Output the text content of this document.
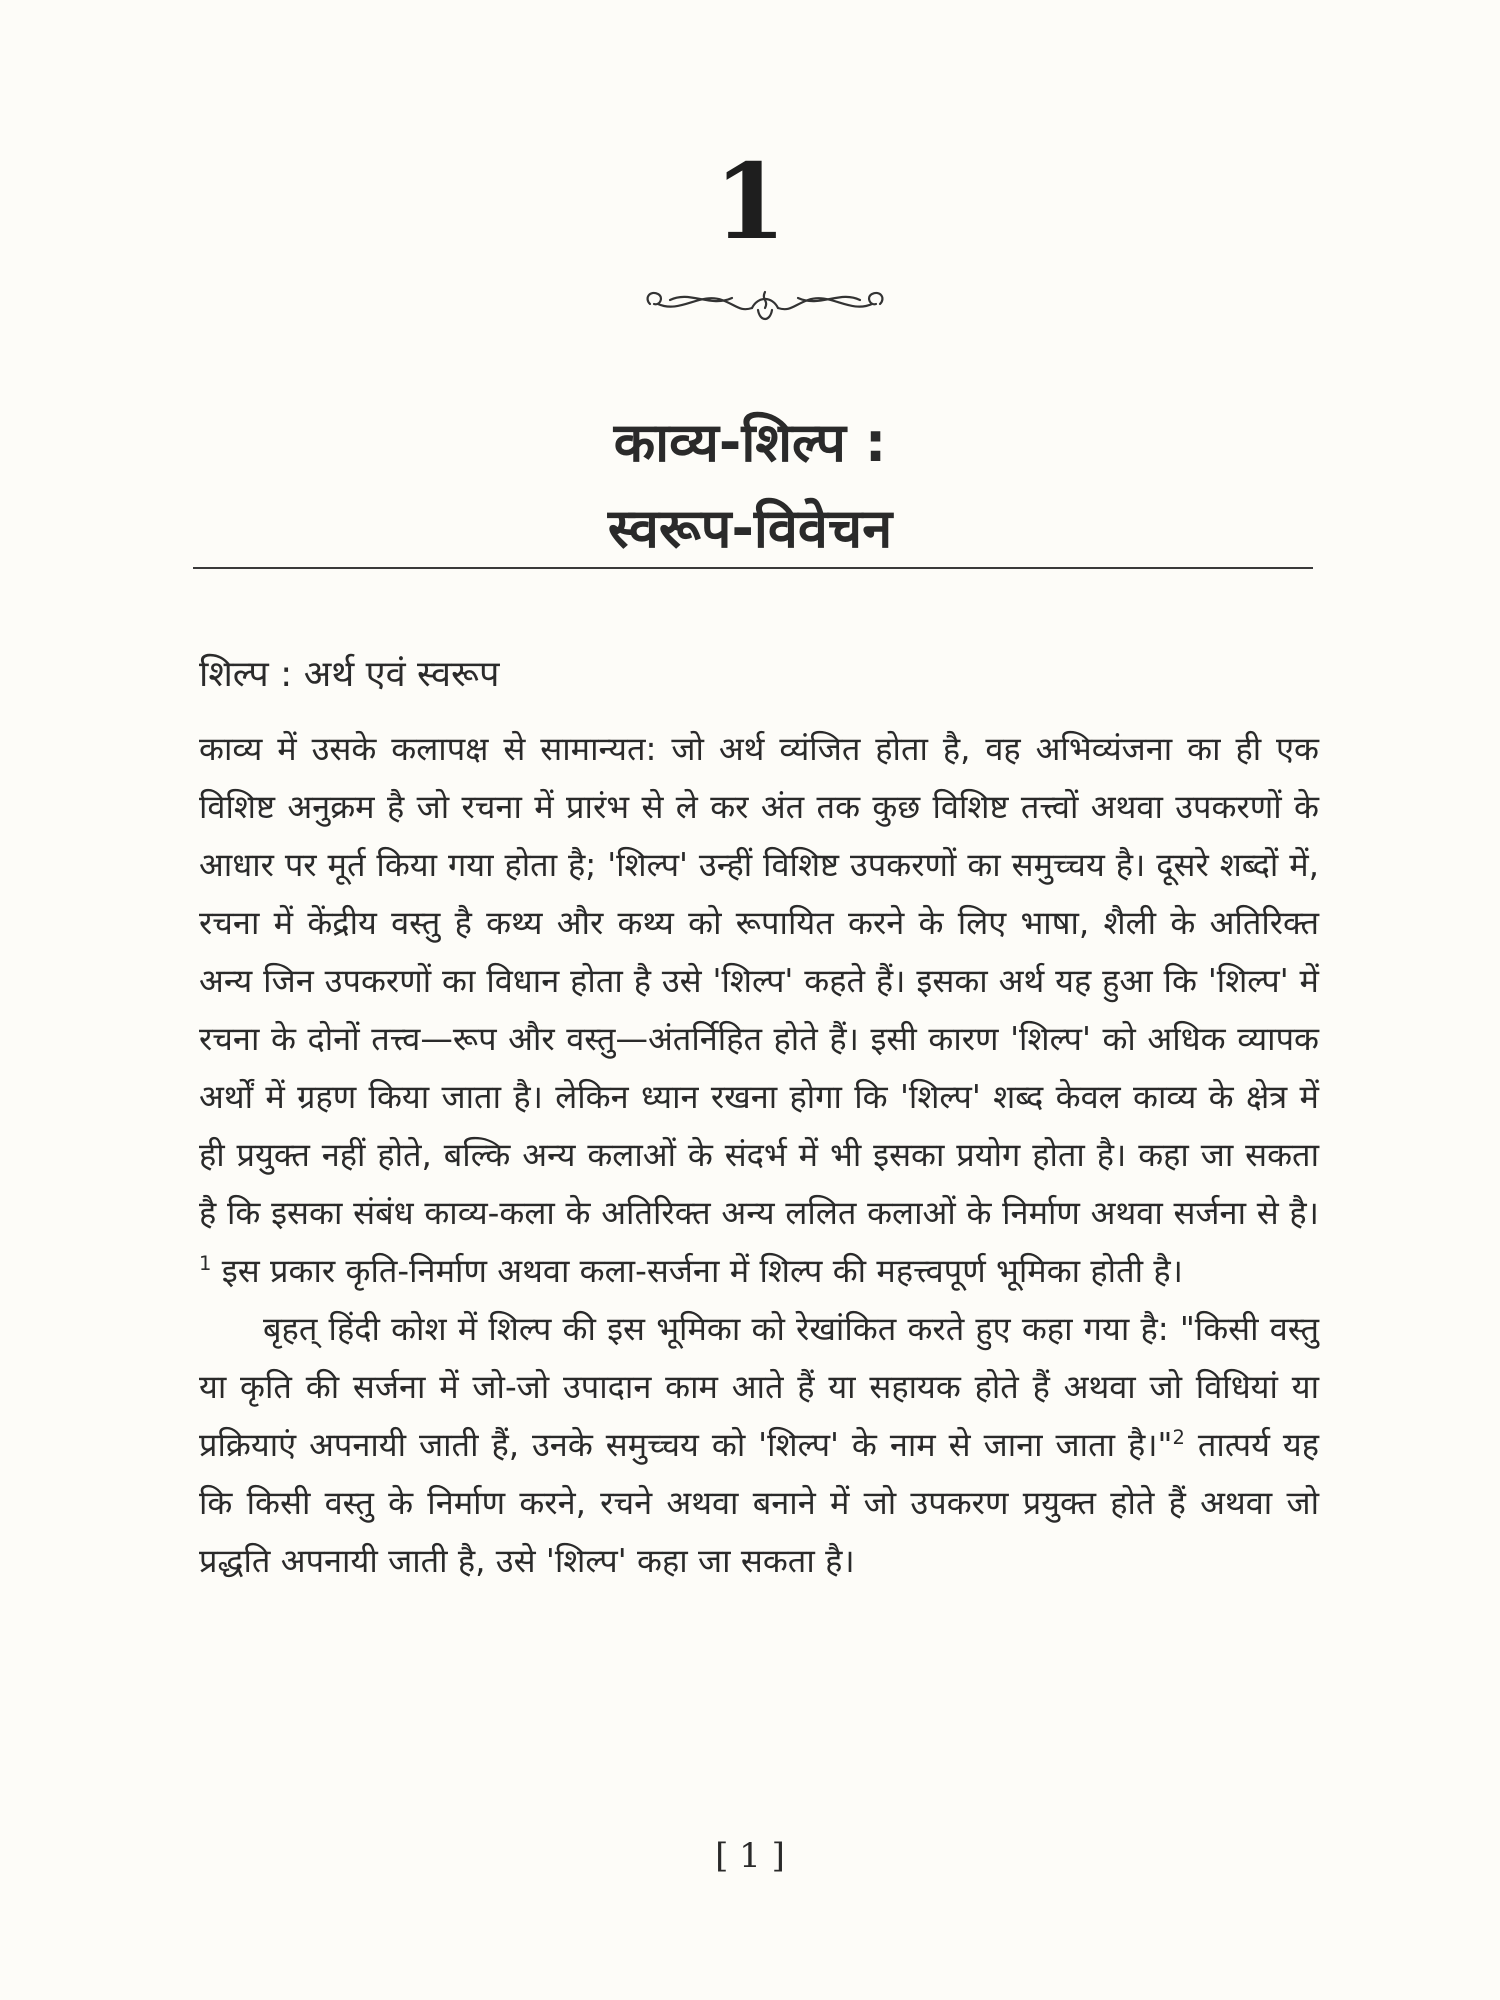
1
काव्य-शिल्प :
स्वरूप-विवेचन
शिल्प : अर्थ एवं स्वरूप

काव्य में उसके कलापक्ष से सामान्यत: जो अर्थ व्यंजित होता है, वह अभिव्यंजना का ही एक विशिष्ट अनुक्रम है जो रचना में प्रारंभ से ले कर अंत तक कुछ विशिष्ट तत्त्वों अथवा उपकरणों के आधार पर मूर्त किया गया होता है; 'शिल्प' उन्हीं विशिष्ट उपकरणों का समुच्चय है। दूसरे शब्दों में, रचना में केंद्रीय वस्तु है कथ्य और कथ्य को रूपायित करने के लिए भाषा, शैली के अतिरिक्त अन्य जिन उपकरणों का विधान होता है उसे 'शिल्प' कहते हैं। इसका अर्थ यह हुआ कि 'शिल्प' में रचना के दोनों तत्त्व—रूप और वस्तु—अंतर्निहित होते हैं। इसी कारण 'शिल्प' को अधिक व्यापक अर्थों में ग्रहण किया जाता है। लेकिन ध्यान रखना होगा कि 'शिल्प' शब्द केवल काव्य के क्षेत्र में ही प्रयुक्त नहीं होते, बल्कि अन्य कलाओं के संदर्भ में भी इसका प्रयोग होता है। कहा जा सकता है कि इसका संबंध काव्य-कला के अतिरिक्त अन्य ललित कलाओं के निर्माण अथवा सर्जना से है।$^1$ इस प्रकार कृति-निर्माण अथवा कला-सर्जना में शिल्प की महत्त्वपूर्ण भूमिका होती है।

बृहत् हिंदी कोश में शिल्प की इस भूमिका को रेखांकित करते हुए कहा गया है: "किसी वस्तु या कृति की सर्जना में जो-जो उपादान काम आते हैं या सहायक होते हैं अथवा जो विधियां या प्रक्रियाएं अपनायी जाती हैं, उनके समुच्चय को 'शिल्प' के नाम से जाना जाता है।"$^2$ तात्पर्य यह कि किसी वस्तु के निर्माण करने, रचने अथवा बनाने में जो उपकरण प्रयुक्त होते हैं अथवा जो प्रद्धति अपनायी जाती है, उसे 'शिल्प' कहा जा सकता है।

[ 1 ]
